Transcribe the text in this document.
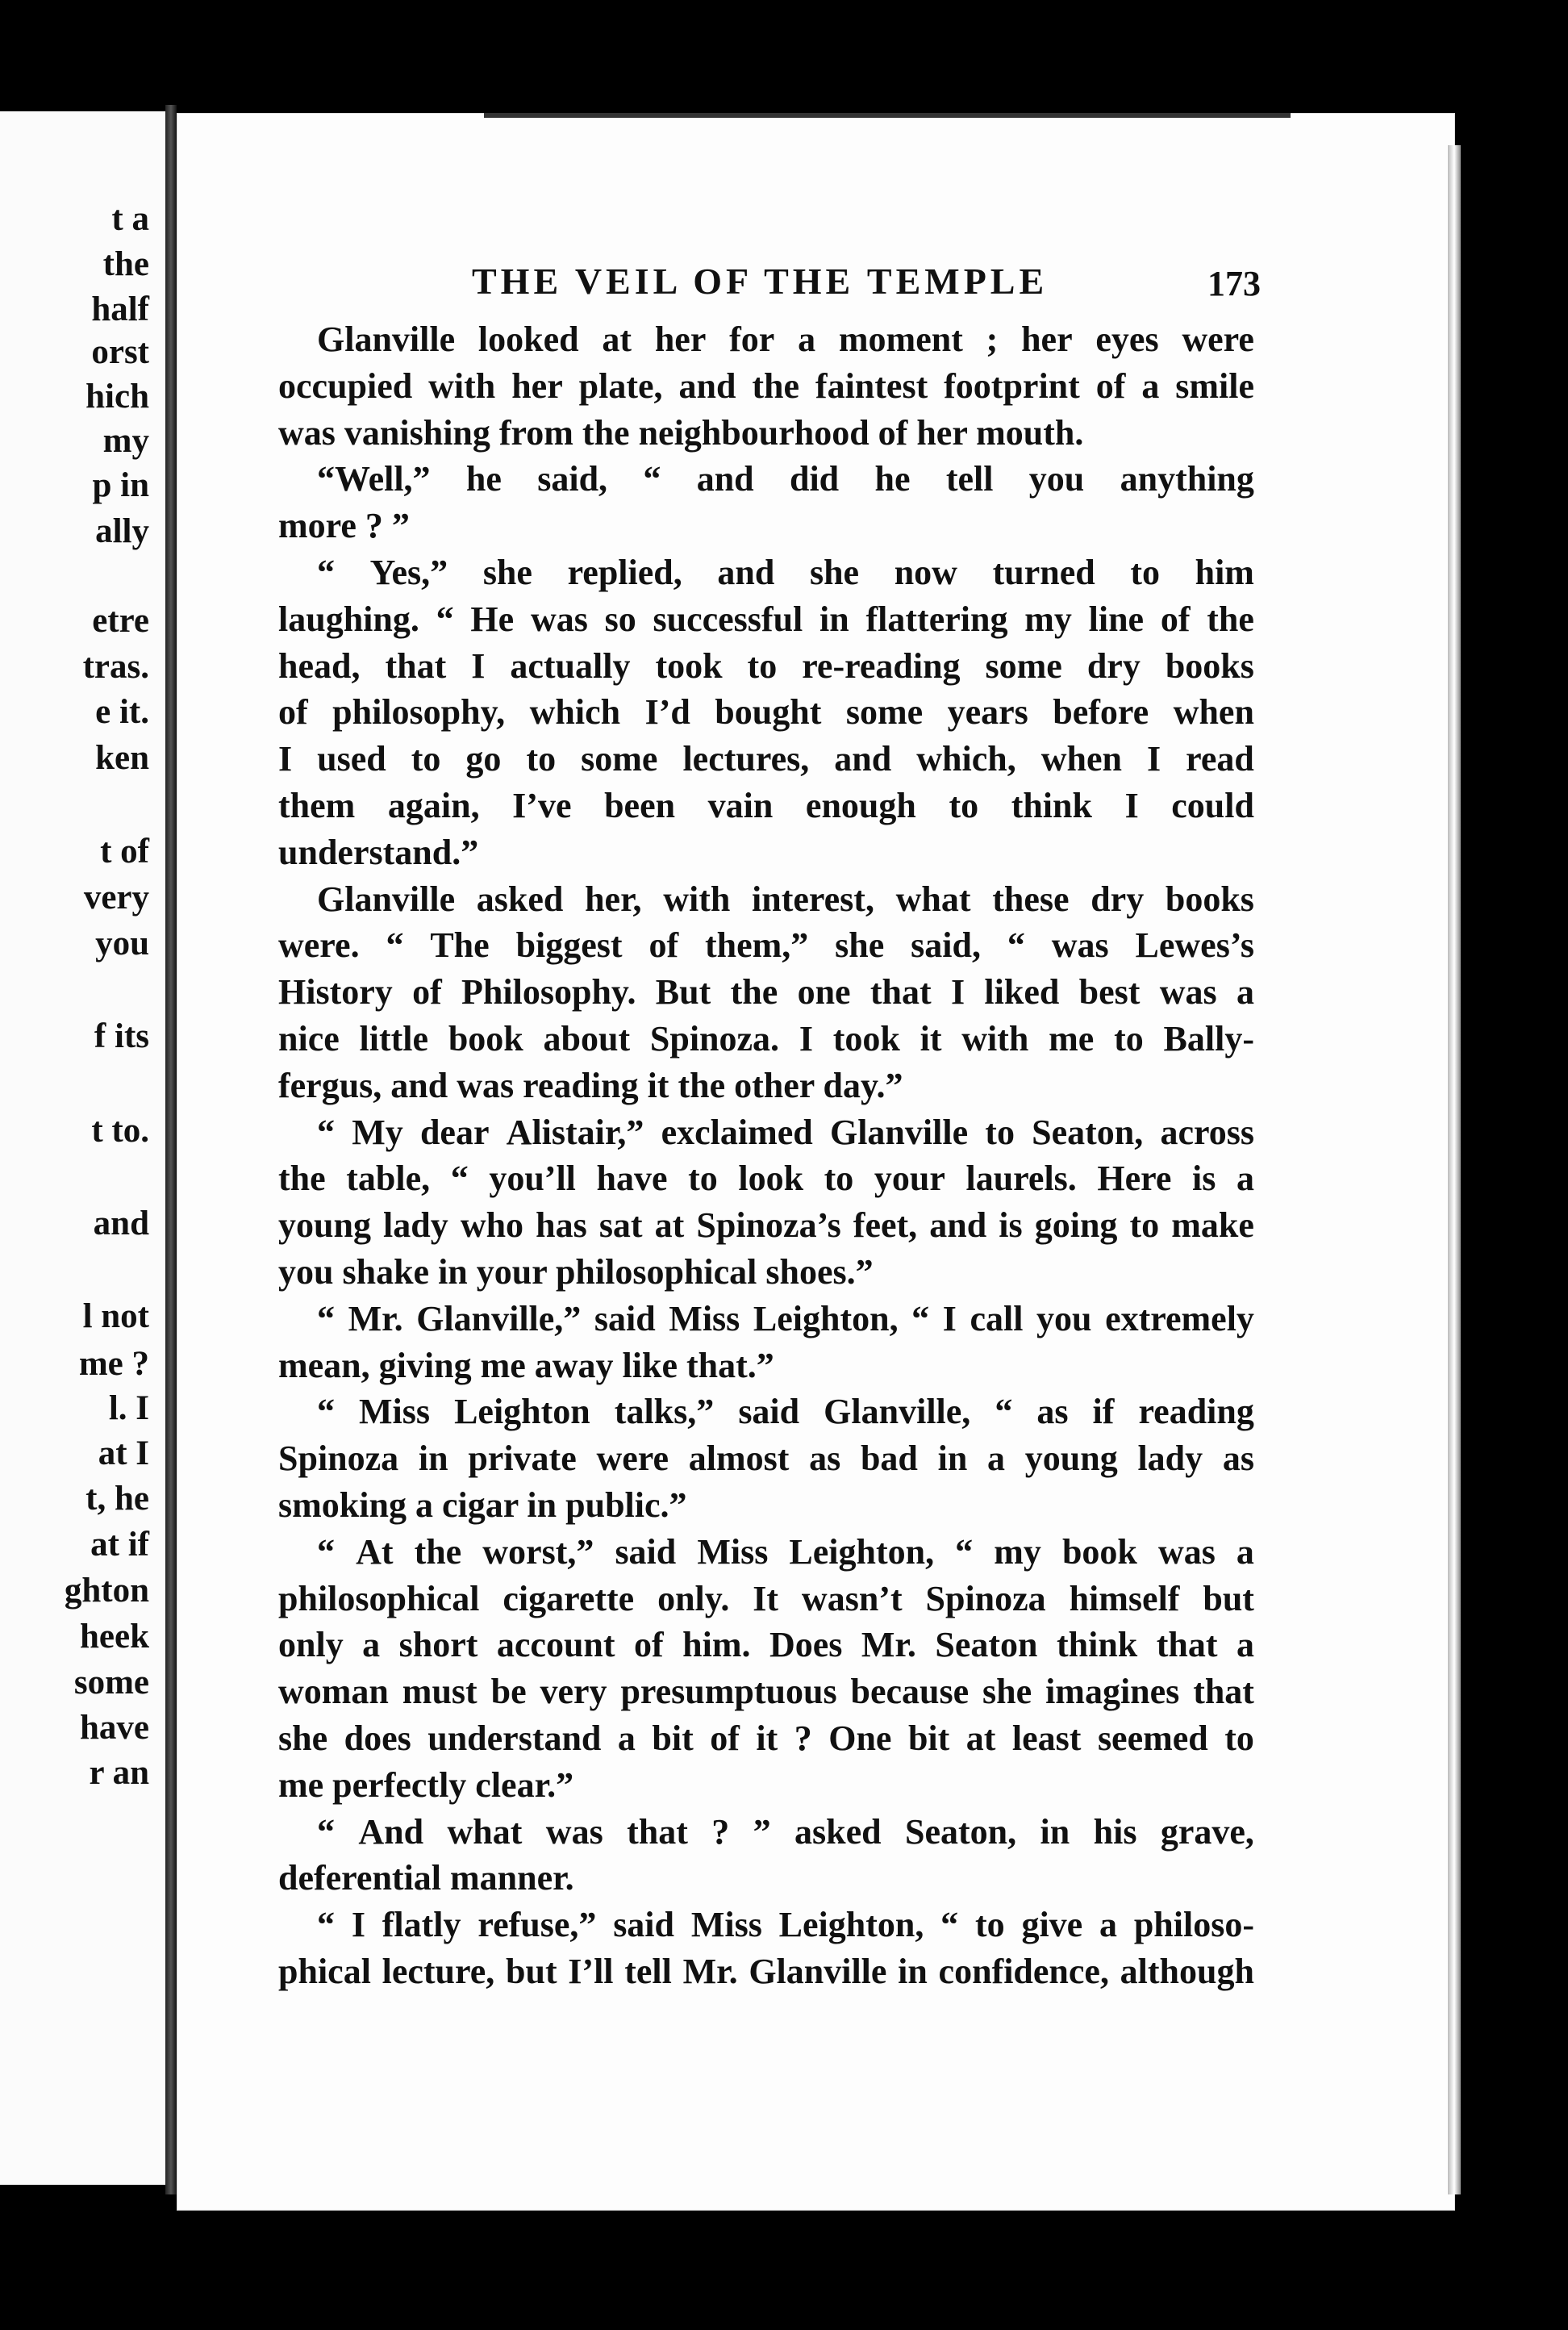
t a
the
half
orst
hich
my
p in
ally
etre
tras.
e it.
ken
t of
very
you
f its
t to.
and
l not
me ?
l. I
at I
t, he
at if
ghton
heek
some
have
r an
THE VEIL OF THE TEMPLE	173
Glanville looked at her for a moment ; her eyes were
occupied with her plate, and the faintest footprint of a smile
was vanishing from the neighbourhood of her mouth.
“Well,” he said, “ and did he tell you anything
more ? ”
“ Yes,” she replied, and she now turned to him
laughing. “ He was so successful in flattering my line of the
head, that I actually took to re-reading some dry books
of philosophy, which I’d bought some years before when
I used to go to some lectures, and which, when I read
them again, I’ve been vain enough to think I could
understand.”
Glanville asked her, with interest, what these dry books
were. “ The biggest of them,” she said, “ was Lewes’s
History of Philosophy. But the one that I liked best was a
nice little book about Spinoza. I took it with me to Bally-
fergus, and was reading it the other day.”
“ My dear Alistair,” exclaimed Glanville to Seaton, across
the table, “ you’ll have to look to your laurels. Here is a
young lady who has sat at Spinoza’s feet, and is going to make
you shake in your philosophical shoes.”
“ Mr. Glanville,” said Miss Leighton, “ I call you extremely
mean, giving me away like that.”
“ Miss Leighton talks,” said Glanville, “ as if reading
Spinoza in private were almost as bad in a young lady as
smoking a cigar in public.”
“ At the worst,” said Miss Leighton, “ my book was a
philosophical cigarette only. It wasn’t Spinoza himself but
only a short account of him. Does Mr. Seaton think that a
woman must be very presumptuous because she imagines that
she does understand a bit of it ? One bit at least seemed to
me perfectly clear.”
“ And what was that ? ” asked Seaton, in his grave,
deferential manner.
“ I flatly refuse,” said Miss Leighton, “ to give a philoso-
phical lecture, but I’ll tell Mr. Glanville in confidence, although
